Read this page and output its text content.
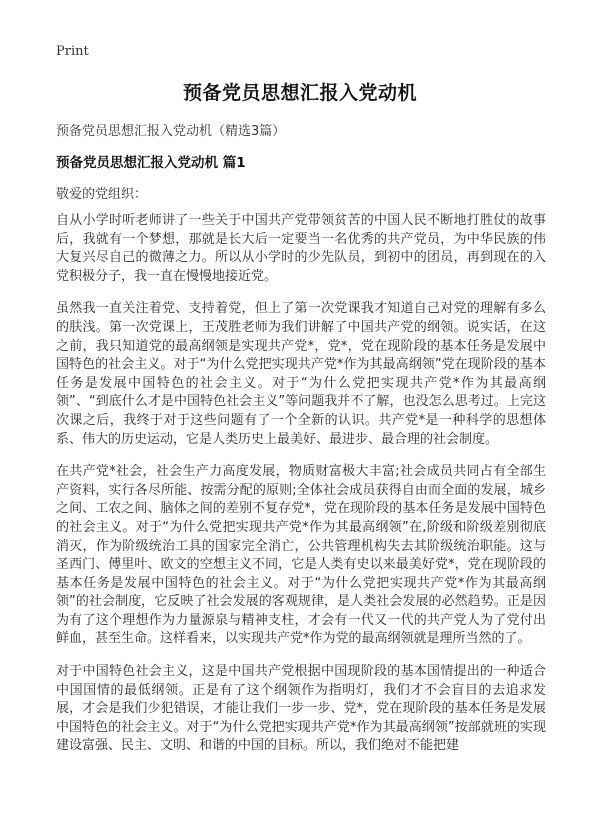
Print
预备党员思想汇报入党动机
预备党员思想汇报入党动机（精选3篇）
预备党员思想汇报入党动机 篇1
敬爱的党组织：

自从小学时听老师讲了一些关于中国共产党带领贫苦的中国人民不断地打胜仗的故事后，我就有一个梦想，那就是长大后一定要当一名优秀的共产党员，为中华民族的伟大复兴尽自己的微薄之力。所以从小学时的少先队员，到初中的团员，再到现在的入党积极分子，我一直在慢慢地接近党。

虽然我一直关注着党、支持着党，但上了第一次党课我才知道自己对党的理解有多么的肤浅。第一次党课上，王茂胜老师为我们讲解了中国共产党的纲领。说实话，在这之前，我只知道党的最高纲领是实现共产党*，党*，党在现阶段的基本任务是发展中国特色的社会主义。对于“为什么党把实现共产党*作为其最高纲领”党在现阶段的基本任务是发展中国特色的社会主义。对于“为什么党把实现共产党*作为其最高纲领”、“到底什么才是中国特色社会主义”等问题我并不了解，也没怎么思考过。上完这次课之后，我终于对于这些问题有了一个全新的认识。共产党*是一种科学的思想体系、伟大的历史运动，它是人类历史上最美好、最进步、最合理的社会制度。

在共产党*社会，社会生产力高度发展，物质财富极大丰富;社会成员共同占有全部生产资料，实行各尽所能、按需分配的原则;全体社会成员获得自由而全面的发展，城乡之间、工农之间、脑体之间的差别不复存党*，党在现阶段的基本任务是发展中国特色的社会主义。对于“为什么党把实现共产党*作为其最高纲领”在,阶级和阶级差别彻底消灭，作为阶级统治工具的国家完全消亡，公共管理机构失去其阶级统治职能。这与圣西门、傅里叶、欧文的空想主义不同，它是人类有史以来最美好党*，党在现阶段的基本任务是发展中国特色的社会主义。对于“为什么党把实现共产党*作为其最高纲领”的社会制度，它反映了社会发展的客观规律，是人类社会发展的必然趋势。正是因为有了这个理想作为力量源泉与精神支柱，才会有一代又一代的共产党人为了党付出鲜血，甚至生命。这样看来，以实现共产党*作为党的最高纲领就是理所当然的了。

对于中国特色社会主义，这是中国共产党根据中国现阶段的基本国情提出的一种适合中国国情的最低纲领。正是有了这个纲领作为指明灯，我们才不会盲目的去追求发展，才会是我们少犯错误，才能让我们一步一步、党*，党在现阶段的基本任务是发展中国特色的社会主义。对于“为什么党把实现共产党*作为其最高纲领”按部就班的实现建设富强、民主、文明、和谐的中国的目标。所以，我们绝对不能把建
